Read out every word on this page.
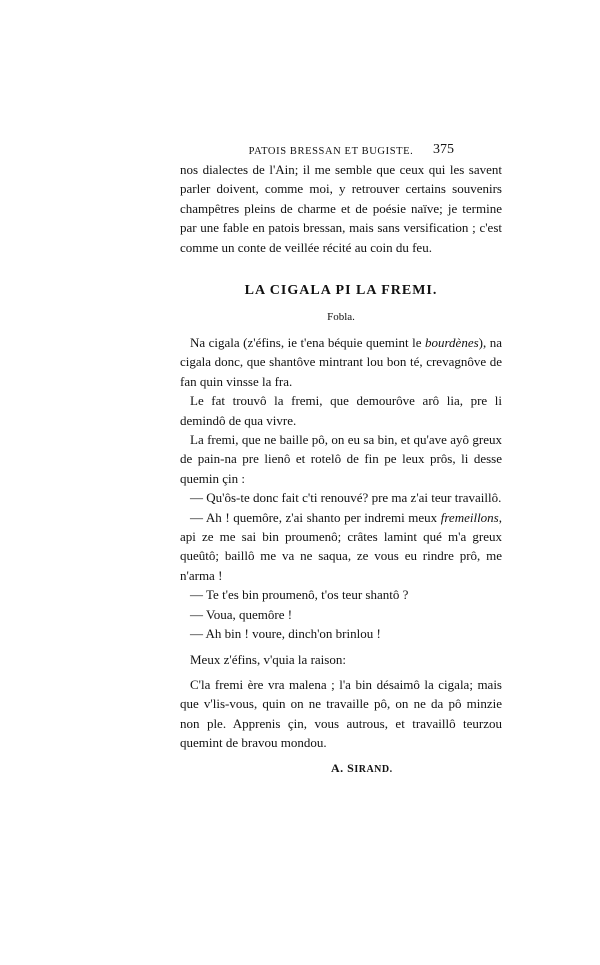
PATOIS BRESSAN ET BUGISTE.	375

nos dialectes de l'Ain; il me semble que ceux qui les savent parler doivent, comme moi, y retrouver certains souvenirs champêtres pleins de charme et de poésie naïve; je termine par une fable en patois bressan, mais sans versification ; c'est comme un conte de veillée récité au coin du feu.

LA CIGALA PI LA FREMI.
Fobla.

Na cigala (z'éfins, ie t'ena béquie quemint le bourdènes), na cigala donc, que shantôve mintrant lou bon té, crevagnôve de fan quin vinsse la fra.

Le fat trouvô la fremi, que demourôve arô lia, pre li demindô de qua vivre.

La fremi, que ne baille pô, on eu sa bin, et qu'ave ayô greux de pain-na pre lienô et rotelô de fin pe leux prôs, li desse quemin çin :

— Qu'ôs-te donc fait c'ti renouvé? pre ma z'ai teur travaillô.

— Ah ! quemôre, z'ai shanto per indremi meux fremeillons, api ze me sai bin proumenô; crâtes lamint qué m'a greux queûtô; baillô me va ne saqua, ze vous eu rindre prô, me n'arma !

— Te t'es bin proumenô, t'os teur shantô ?

— Voua, quemôre !

— Ah bin ! voure, dinch'on brinlou !

Meux z'éfins, v'quia la raison:

C'la fremi ère vra malena ; l'a bin désaimô la cigala; mais que v'lis-vous, quin on ne travaille pô, on ne da pô minzie non ple. Apprenis çin, vous autrous, et travaillô teurzou quemint de bravou mondou.

A. SIRAND.
